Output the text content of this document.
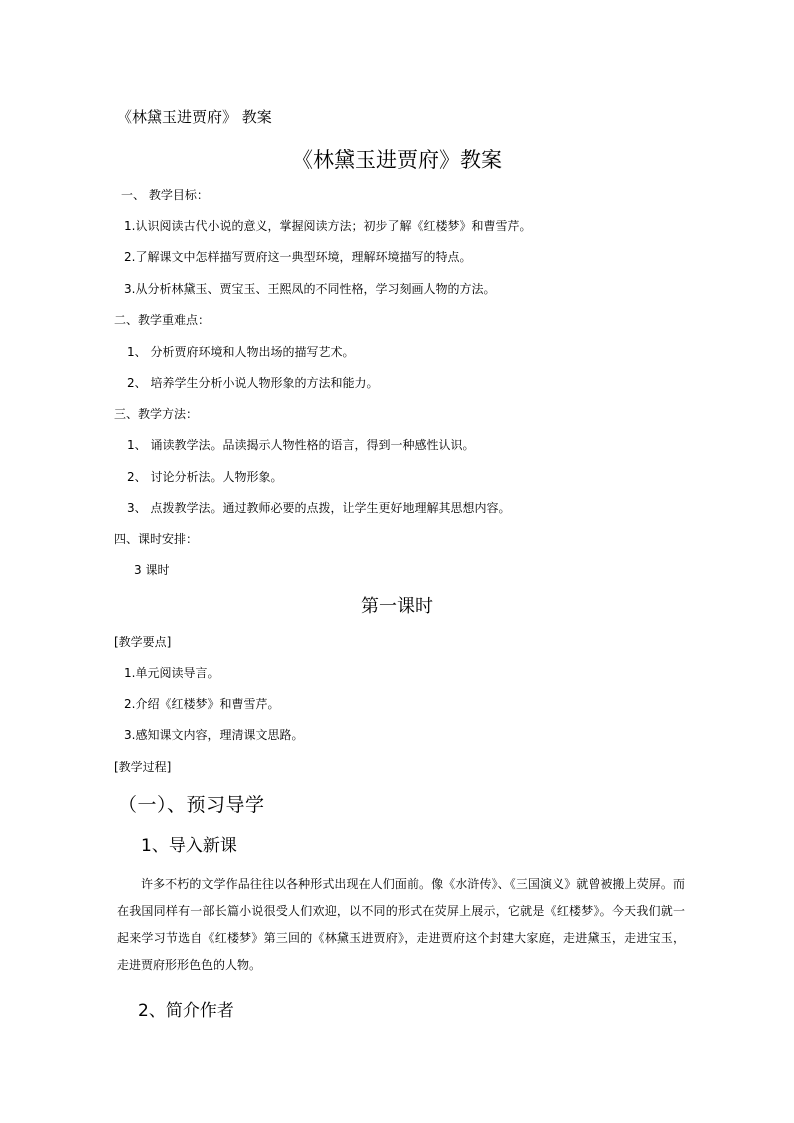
《林黛玉进贾府》 教案
《林黛玉进贾府》教案
一、 教学目标：
1.认识阅读古代小说的意义，掌握阅读方法；初步了解《红楼梦》和曹雪芹。
2.了解课文中怎样描写贾府这一典型环境，理解环境描写的特点。
3.从分析林黛玉、贾宝玉、王熙凤的不同性格，学习刻画人物的方法。
二、教学重难点：
1、 分析贾府环境和人物出场的描写艺术。
2、 培养学生分析小说人物形象的方法和能力。
三、教学方法：
1、 诵读教学法。品读揭示人物性格的语言，得到一种感性认识。
2、 讨论分析法。人物形象。
3、 点拨教学法。通过教师必要的点拨，让学生更好地理解其思想内容。
四、课时安排：
3 课时
第一课时
[教学要点]
1.单元阅读导言。
2.介绍《红楼梦》和曹雪芹。
3.感知课文内容，理清课文思路。
[教学过程]
（一）、预习导学
1、导入新课
许多不朽的文学作品往往以各种形式出现在人们面前。像《水浒传》、《三国演义》就曾被搬上荧屏。而在我国同样有一部长篇小说很受人们欢迎，以不同的形式在荧屏上展示，它就是《红楼梦》。今天我们就一起来学习节选自《红楼梦》第三回的《林黛玉进贾府》，走进贾府这个封建大家庭，走进黛玉，走进宝玉，走进贾府形形色色的人物。
2、简介作者
